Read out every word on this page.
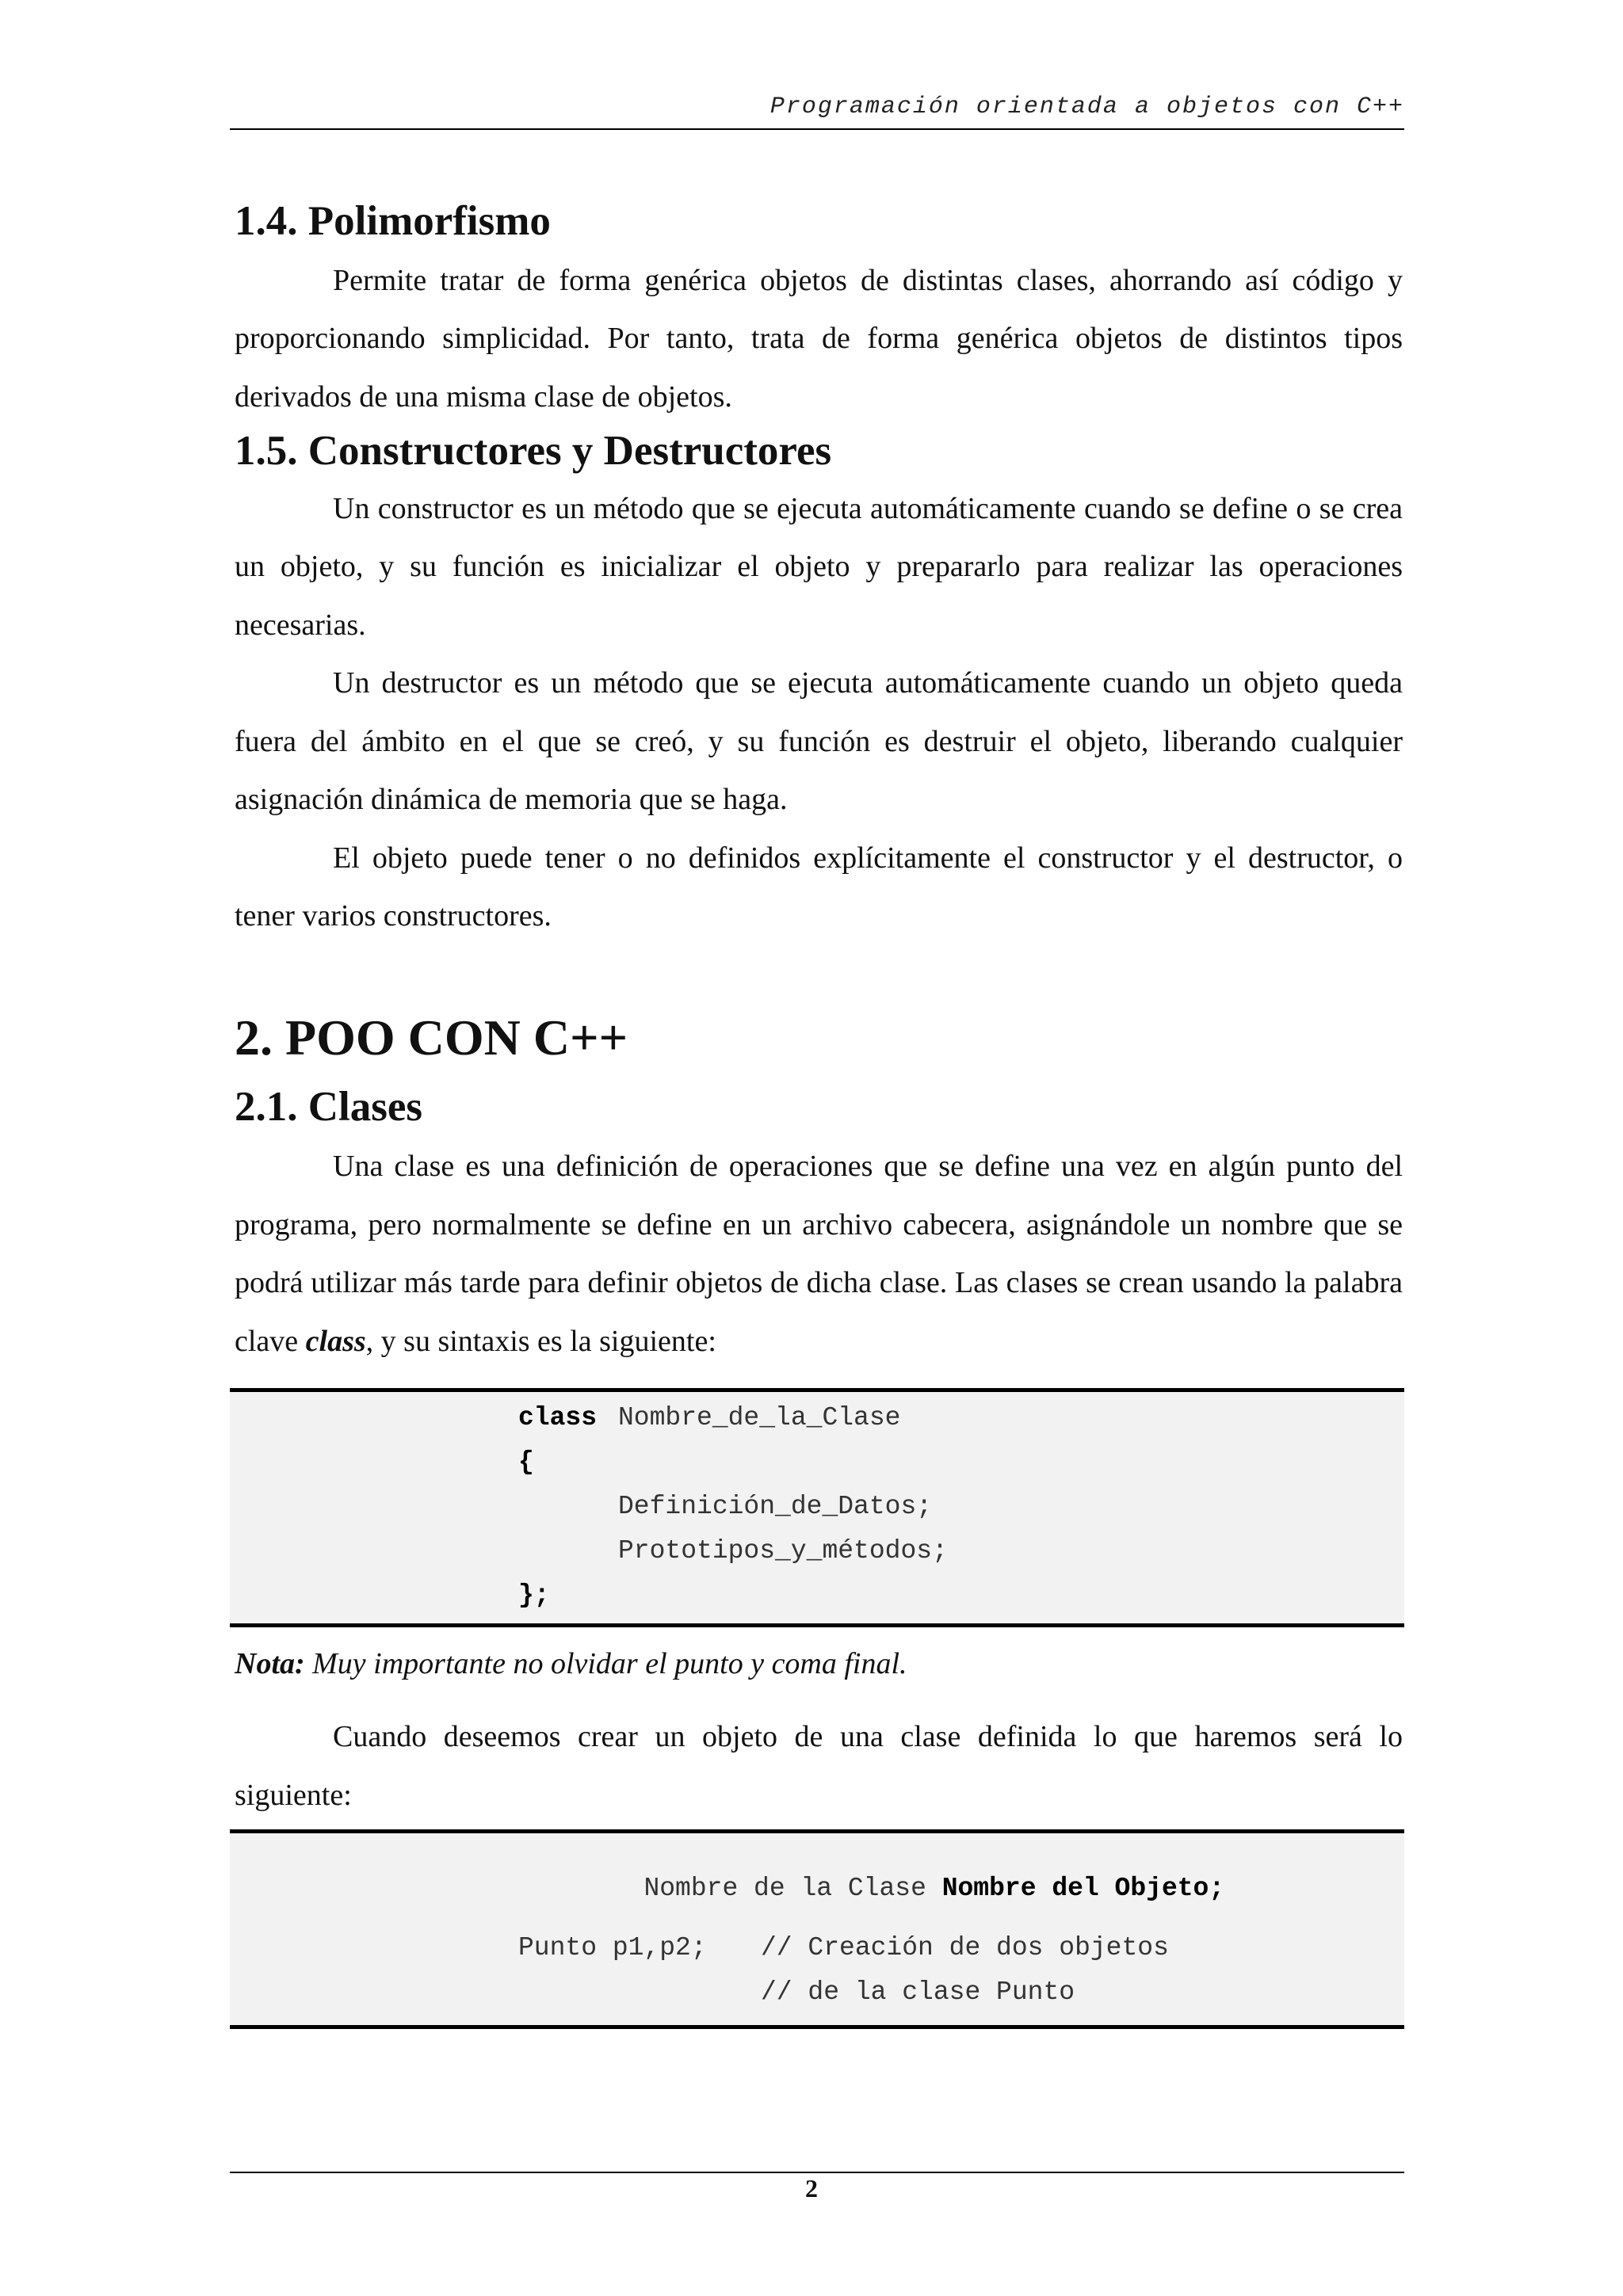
Programación orientada a objetos con C++
1.4. Polimorfismo

Permite tratar de forma genérica objetos de distintas clases, ahorrando así código y proporcionando simplicidad. Por tanto, trata de forma genérica objetos de distintos tipos derivados de una misma clase de objetos.

1.5. Constructores y Destructores

Un constructor es un método que se ejecuta automáticamente cuando se define o se crea un objeto, y su función es inicializar el objeto y prepararlo para realizar las operaciones necesarias.

Un destructor es un método que se ejecuta automáticamente cuando un objeto queda fuera del ámbito en el que se creó, y su función es destruir el objeto, liberando cualquier asignación dinámica de memoria que se haga.

El objeto puede tener o no definidos explícitamente el constructor y el destructor, o tener varios constructores.

2. POO CON C++
2.1. Clases

Una clase es una definición de operaciones que se define una vez en algún punto del programa, pero normalmente se define en un archivo cabecera, asignándole un nombre que se podrá utilizar más tarde para definir objetos de dicha clase. Las clases se crean usando la palabra clave class, y su sintaxis es la siguiente:

class

Nombre_de_la_Clase

{

Definición_de_Datos;

Prototipos_y_métodos;

};

Nota: Muy importante no olvidar el punto y coma final.

Cuando deseemos crear un objeto de una clase definida lo que haremos será lo siguiente:

Nombre de la Clase Nombre del Objeto;

Punto p1,p2;

// Creación de dos objetos

// de la clase Punto

2
